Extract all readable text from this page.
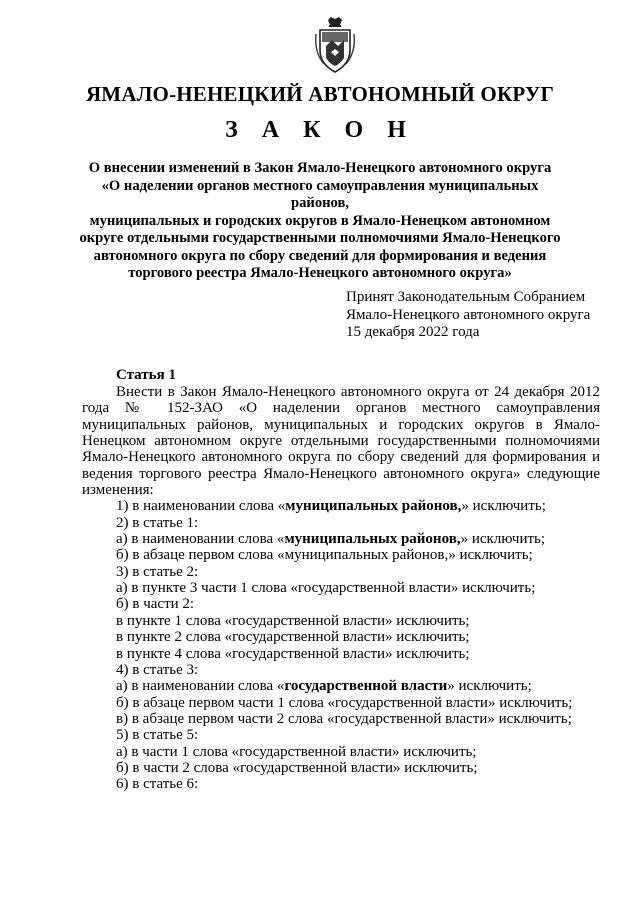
ЯМАЛО-НЕНЕЦКИЙ АВТОНОМНЫЙ ОКРУГ
З А К О Н
О внесении изменений в Закон Ямало-Ненецкого автономного округа
«О наделении органов местного самоуправления муниципальных районов,
муниципальных и городских округов в Ямало-Ненецком автономном
округе отдельными государственными полномочиями Ямало-Ненецкого
автономного округа по сбору сведений для формирования и ведения
торгового реестра Ямало-Ненецкого автономного округа»
Принят Законодательным Собранием
Ямало-Ненецкого автономного округа
15 декабря 2022 года
Статья 1

Внести в Закон Ямало-Ненецкого автономного округа от 24 декабря 2012 года № 152-ЗАО «О наделении органов местного самоуправления муниципальных районов, муниципальных и городских округов в Ямало-Ненецком автономном округе отдельными государственными полномочиями Ямало-Ненецкого автономного округа по сбору сведений для формирования и ведения торгового реестра Ямало-Ненецкого автономного округа» следующие изменения:

1) в наименовании слова «муниципальных районов,» исключить;
2) в статье 1:
а) в наименовании слова «муниципальных районов,» исключить;
б) в абзаце первом слова «муниципальных районов,» исключить;
3) в статье 2:
а) в пункте 3 части 1 слова «государственной власти» исключить;
б) в части 2:
в пункте 1 слова «государственной власти» исключить;
в пункте 2 слова «государственной власти» исключить;
в пункте 4 слова «государственной власти» исключить;
4) в статье 3:
а) в наименовании слова «государственной власти» исключить;
б) в абзаце первом части 1 слова «государственной власти» исключить;
в) в абзаце первом части 2 слова «государственной власти» исключить;
5) в статье 5:
а) в части 1 слова «государственной власти» исключить;
б) в части 2 слова «государственной власти» исключить;
6) в статье 6:
